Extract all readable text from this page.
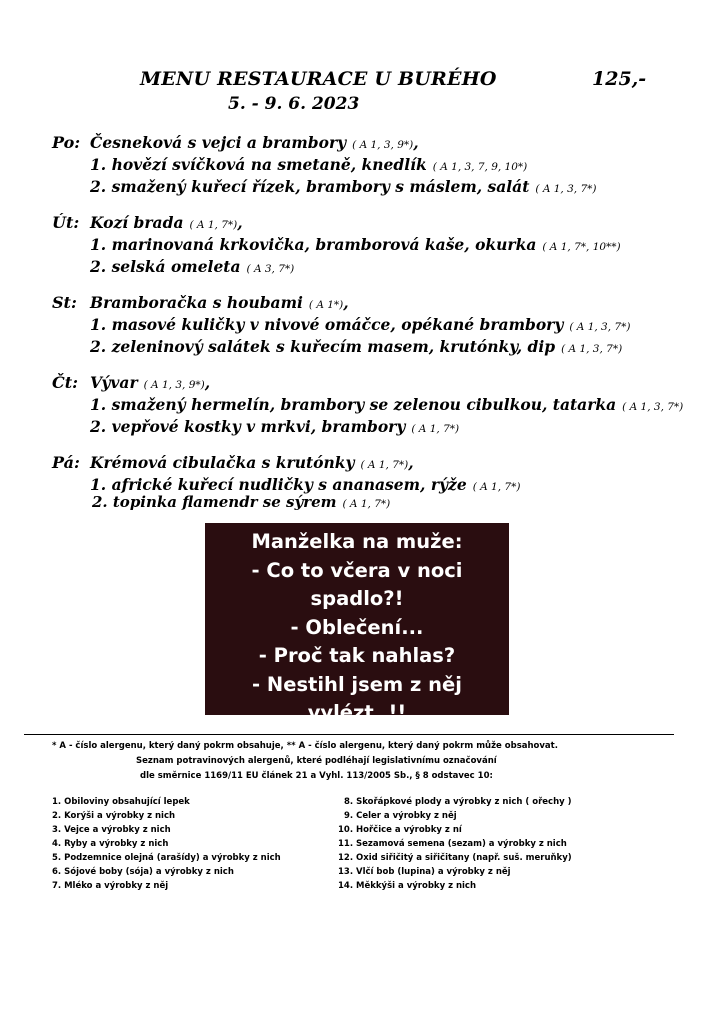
MENU RESTAURACE U BURÉHO	125,-
5. - 9. 6. 2023
Po: Česneková s vejci a brambory ( A 1, 3, 9*),
1. hovězí svíčková na smetaně, knedlík ( A 1, 3, 7, 9, 10*)
2. smažený kuřecí řízek, brambory s máslem, salát ( A 1, 3, 7*)
Út: Kozí brada ( A 1, 7*),
1. marinovaná krkovička, bramborová kaše, okurka ( A 1, 7*, 10**)
2. selská omeleta ( A 3, 7*)
St: Bramboračka s houbami ( A 1*),
1. masové kuličky v nivové omáčce, opékané brambory ( A 1, 3, 7*)
2. zeleninový salátek s kuřecím masem, krutónky, dip ( A 1, 3, 7*)
Čt: Vývar ( A 1, 3, 9*),
1. smažený hermelín, brambory se zelenou cibulkou, tatarka ( A 1, 3, 7*)
2. vepřové kostky v mrkvi, brambory ( A 1, 7*)
Pá: Krémová cibulačka s krutónky ( A 1, 7*),
1. africké kuřecí nudličky s ananasem, rýže ( A 1, 7*)
2. topinka flamendr se sýrem ( A 1, 7*)
Manželka na muže:
- Co to včera v noci
spadlo?!
- Oblečení...
- Proč tak nahlas?
- Nestihl jsem z něj
vylézt..!!
* A - číslo alergenu, který daný pokrm obsahuje, ** A - číslo alergenu, který daný pokrm může obsahovat.
Seznam potravinových alergenů, které podléhají legislativnímu označování
dle směrnice 1169/11 EU článek 21 a Vyhl. 113/2005 Sb., § 8 odstavec 10:
1. Obiloviny obsahující lepek
2. Korýši a výrobky z nich
3. Vejce a výrobky z nich
4. Ryby a výrobky z nich
5. Podzemnice olejná (arašídy) a výrobky z nich
6. Sójové boby (sója) a výrobky z nich
7. Mléko a výrobky z něj
8. Skořápkové plody a výrobky z nich ( ořechy )
9. Celer a výrobky z něj
10. Hořčice a výrobky z ní
11. Sezamová semena (sezam) a výrobky z nich
12. Oxid siřičitý a siřičitany (např. suš. meruňky)
13. Vlčí bob (lupina) a výrobky z něj
14. Měkkýši a výrobky z nich
